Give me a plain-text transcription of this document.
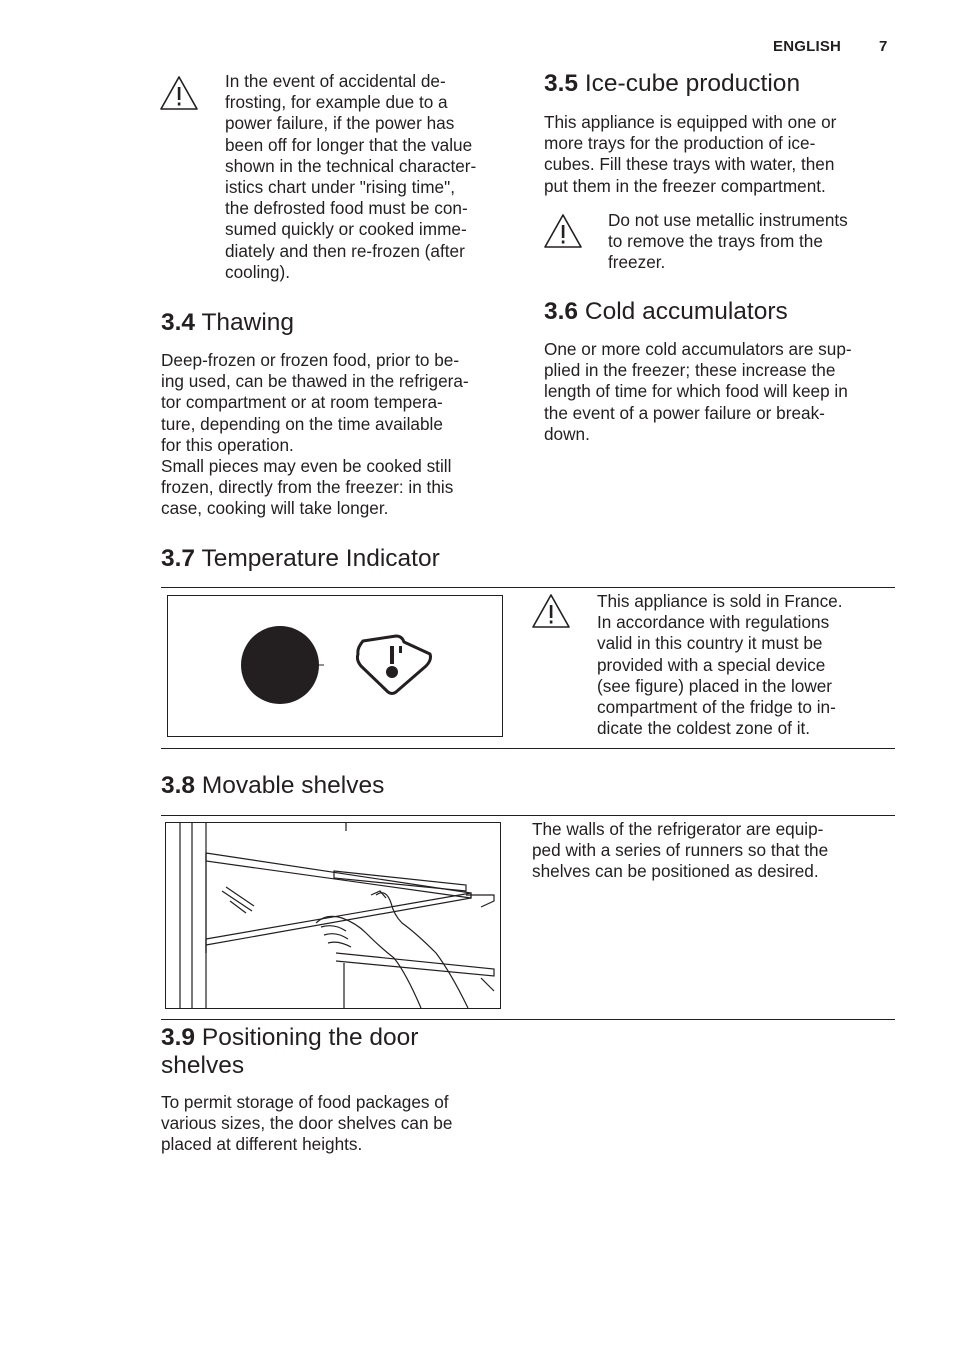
ENGLISH	7

In the event of accidental de-
frosting, for example due to a
power failure, if the power has
been off for longer that the value
shown in the technical character-
istics chart under "rising time",
the defrosted food must be con-
sumed quickly or cooked imme-
diately and then re-frozen (after
cooling).

3.4 Thawing

Deep-frozen or frozen food, prior to be-
ing used, can be thawed in the refrigera-
tor compartment or at room tempera-
ture, depending on the time available
for this operation.
Small pieces may even be cooked still
frozen, directly from the freezer: in this
case, cooking will take longer.

3.5 Ice-cube production

This appliance is equipped with one or
more trays for the production of ice-
cubes. Fill these trays with water, then
put them in the freezer compartment.

Do not use metallic instruments
to remove the trays from the
freezer.

3.6 Cold accumulators

One or more cold accumulators are sup-
plied in the freezer; these increase the
length of time for which food will keep in
the event of a power failure or break-
down.

3.7 Temperature Indicator

This appliance is sold in France.
In accordance with regulations
valid in this country it must be
provided with a special device
(see figure) placed in the lower
compartment of the fridge to in-
dicate the coldest zone of it.

3.8 Movable shelves

The walls of the refrigerator are equip-
ped with a series of runners so that the
shelves can be positioned as desired.

3.9 Positioning the door
shelves

To permit storage of food packages of
various sizes, the door shelves can be
placed at different heights.
